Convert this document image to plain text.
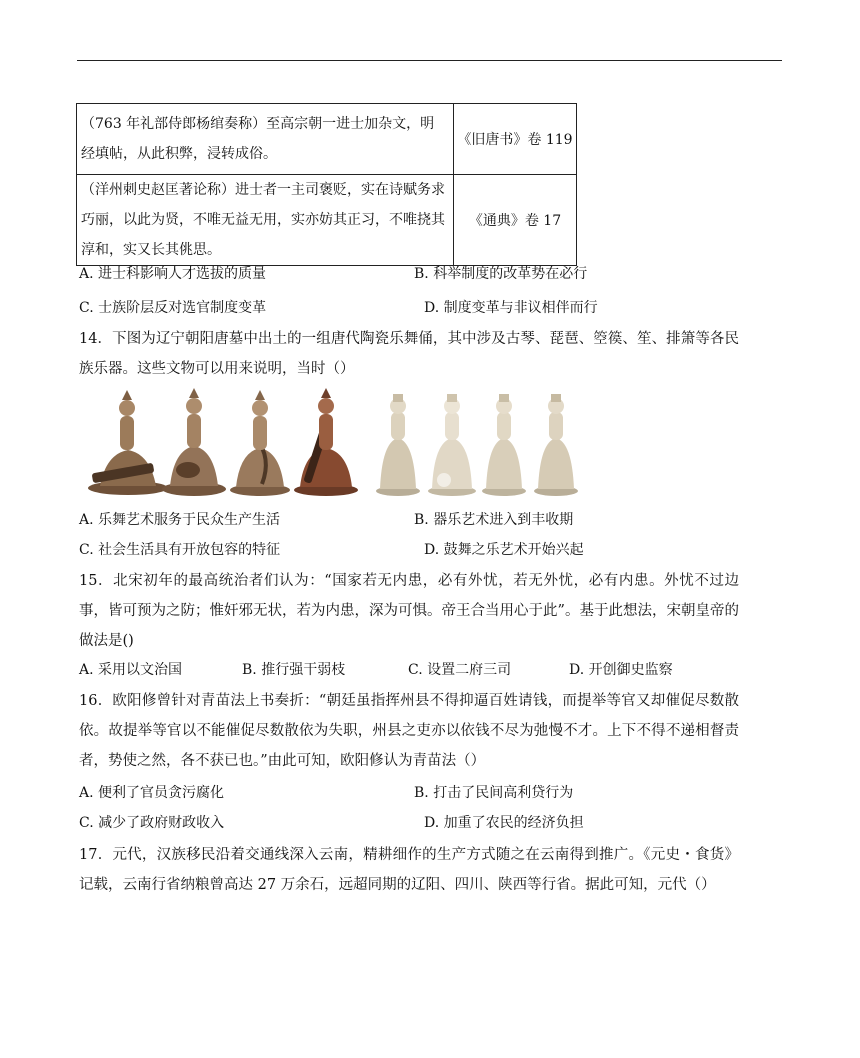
（763 年礼部侍郎杨绾奏称）至高宗朝一进士加杂文，明经填帖，从此积弊，浸转成俗。	《旧唐书》卷 119
（洋州刺史赵匡著论称）进士者一主司褒贬，实在诗赋务求巧丽，以此为贤，不唯无益无用，实亦妨其正习，不唯挠其淳和，实又长其佻思。	《通典》卷 17
A. 进士科影响人才选拔的质量	B. 科举制度的改革势在必行
C. 士族阶层反对选官制度变革	D. 制度变革与非议相伴而行
14．下图为辽宁朝阳唐墓中出土的一组唐代陶瓷乐舞俑，其中涉及古琴、琵琶、箜篌、笙、排箫等各民族乐器。这些文物可以用来说明，当时（）
A. 乐舞艺术服务于民众生产生活	B. 器乐艺术进入到丰收期
C. 社会生活具有开放包容的特征	D. 鼓舞之乐艺术开始兴起
15．北宋初年的最高统治者们认为：“国家若无内患，必有外忧，若无外忧，必有内患。外忧不过边事，皆可预为之防；惟奸邪无状，若为内患，深为可惧。帝王合当用心于此”。基于此想法，宋朝皇帝的做法是()
A. 采用以文治国	B. 推行强干弱枝	C. 设置二府三司	D. 开创御史监察
16．欧阳修曾针对青苗法上书奏折：“朝廷虽指挥州县不得抑逼百姓请钱，而提举等官又却催促尽数散依。故提举等官以不能催促尽数散依为失职，州县之吏亦以依钱不尽为弛慢不才。上下不得不递相督责者，势使之然，各不获已也。”由此可知，欧阳修认为青苗法（）
A. 便利了官员贪污腐化	B. 打击了民间高利贷行为
C. 减少了政府财政收入	D. 加重了农民的经济负担
17．元代，汉族移民沿着交通线深入云南，精耕细作的生产方式随之在云南得到推广。《元史・食货》记载，云南行省纳粮曾高达 27 万余石，远超同期的辽阳、四川、陕西等行省。据此可知，元代（）
